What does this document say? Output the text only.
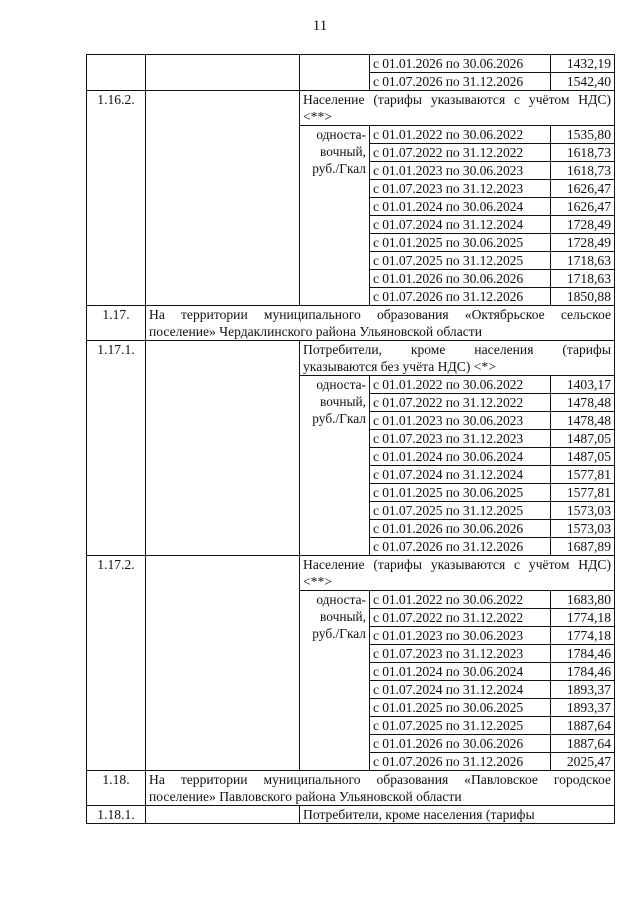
11
			с 01.01.2026 по 30.06.2026	1432,19
			с 01.07.2026 по 31.12.2026	1542,40
1.16.2.		Население (тарифы указываются с учётом НДС) <**>		
		односта-вочный, руб./Гкал	с 01.01.2022 по 30.06.2022	1535,80
			с 01.07.2022 по 31.12.2022	1618,73
			с 01.01.2023 по 30.06.2023	1618,73
			с 01.07.2023 по 31.12.2023	1626,47
			с 01.01.2024 по 30.06.2024	1626,47
			с 01.07.2024 по 31.12.2024	1728,49
			с 01.01.2025 по 30.06.2025	1728,49
			с 01.07.2025 по 31.12.2025	1718,63
			с 01.01.2026 по 30.06.2026	1718,63
			с 01.07.2026 по 31.12.2026	1850,88
1.17.	На территории муниципального образования «Октябрьское сельское поселение» Чердаклинского района Ульяновской области			
1.17.1.		Потребители, кроме населения (тарифы указываются без учёта НДС) <*>		
		односта-вочный, руб./Гкал	с 01.01.2022 по 30.06.2022	1403,17
			с 01.07.2022 по 31.12.2022	1478,48
			с 01.01.2023 по 30.06.2023	1478,48
			с 01.07.2023 по 31.12.2023	1487,05
			с 01.01.2024 по 30.06.2024	1487,05
			с 01.07.2024 по 31.12.2024	1577,81
			с 01.01.2025 по 30.06.2025	1577,81
			с 01.07.2025 по 31.12.2025	1573,03
			с 01.01.2026 по 30.06.2026	1573,03
			с 01.07.2026 по 31.12.2026	1687,89
1.17.2.		Население (тарифы указываются с учётом НДС) <**>		
		односта-вочный, руб./Гкал	с 01.01.2022 по 30.06.2022	1683,80
			с 01.07.2022 по 31.12.2022	1774,18
			с 01.01.2023 по 30.06.2023	1774,18
			с 01.07.2023 по 31.12.2023	1784,46
			с 01.01.2024 по 30.06.2024	1784,46
			с 01.07.2024 по 31.12.2024	1893,37
			с 01.01.2025 по 30.06.2025	1893,37
			с 01.07.2025 по 31.12.2025	1887,64
			с 01.01.2026 по 30.06.2026	1887,64
			с 01.07.2026 по 31.12.2026	2025,47
1.18.	На территории муниципального образования «Павловское городское поселение» Павловского района Ульяновской области			
1.18.1.		Потребители, кроме населения (тарифы		
